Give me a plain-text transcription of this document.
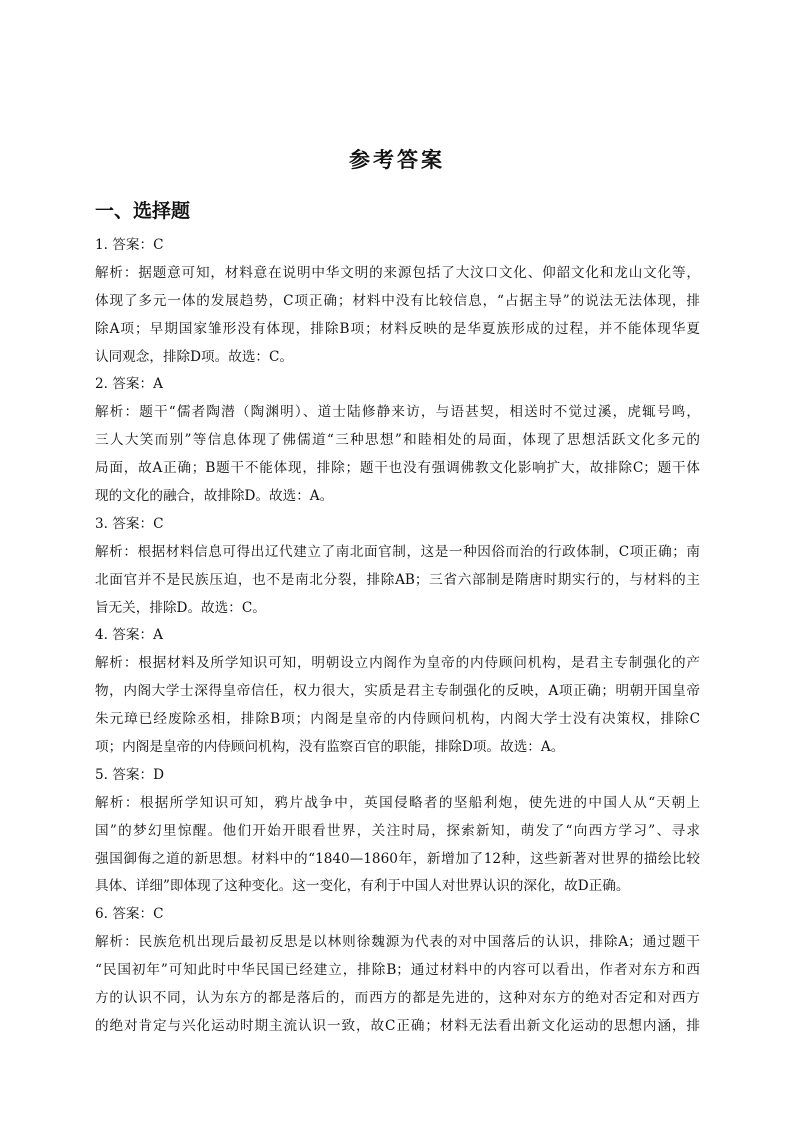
参考答案
一、选择题
1. 答案：C
解析：据题意可知，材料意在说明中华文明的来源包括了大汶口文化、仰韶文化和龙山文化等，
体现了多元一体的发展趋势，C项正确；材料中没有比较信息，“占据主导”的说法无法体现，排
除A项；早期国家雏形没有体现，排除B项；材料反映的是华夏族形成的过程，并不能体现华夏
认同观念，排除D项。故选：C。
2. 答案：A
解析：题干“儒者陶潜（陶渊明）、道士陆修静来访，与语甚契，相送时不觉过溪，虎辄号鸣，
三人大笑而别”等信息体现了佛儒道“三种思想”和睦相处的局面，体现了思想活跃文化多元的
局面，故A正确；B题干不能体现，排除；题干也没有强调佛教文化影响扩大，故排除C；题干体
现的文化的融合，故排除D。故选：A。
3. 答案：C
解析：根据材料信息可得出辽代建立了南北面官制，这是一种因俗而治的行政体制，C项正确；南
北面官并不是民族压迫，也不是南北分裂，排除AB；三省六部制是隋唐时期实行的，与材料的主
旨无关，排除D。故选：C。
4. 答案：A
解析：根据材料及所学知识可知，明朝设立内阁作为皇帝的内侍顾问机构，是君主专制强化的产
物，内阁大学士深得皇帝信任，权力很大，实质是君主专制强化的反映，A项正确；明朝开国皇帝
朱元璋已经废除丞相，排除B项；内阁是皇帝的内侍顾问机构，内阁大学士没有决策权，排除C
项；内阁是皇帝的内侍顾问机构，没有监察百官的职能，排除D项。故选：A。
5. 答案：D
解析：根据所学知识可知，鸦片战争中，英国侵略者的坚船利炮，使先进的中国人从“天朝上
国”的梦幻里惊醒。他们开始开眼看世界，关注时局，探索新知，萌发了“向西方学习”、寻求
强国御侮之道的新思想。材料中的“1840—1860年，新增加了12种，这些新著对世界的描绘比较
具体、详细”即体现了这种变化。这一变化，有利于中国人对世界认识的深化，故D正确。
6. 答案：C
解析：民族危机出现后最初反思是以林则徐魏源为代表的对中国落后的认识，排除A；通过题干
“民国初年”可知此时中华民国已经建立，排除B；通过材料中的内容可以看出，作者对东方和西
方的认识不同，认为东方的都是落后的，而西方的都是先进的，这种对东方的绝对否定和对西方
的绝对肯定与兴化运动时期主流认识一致，故C正确；材料无法看出新文化运动的思想内涵，排
